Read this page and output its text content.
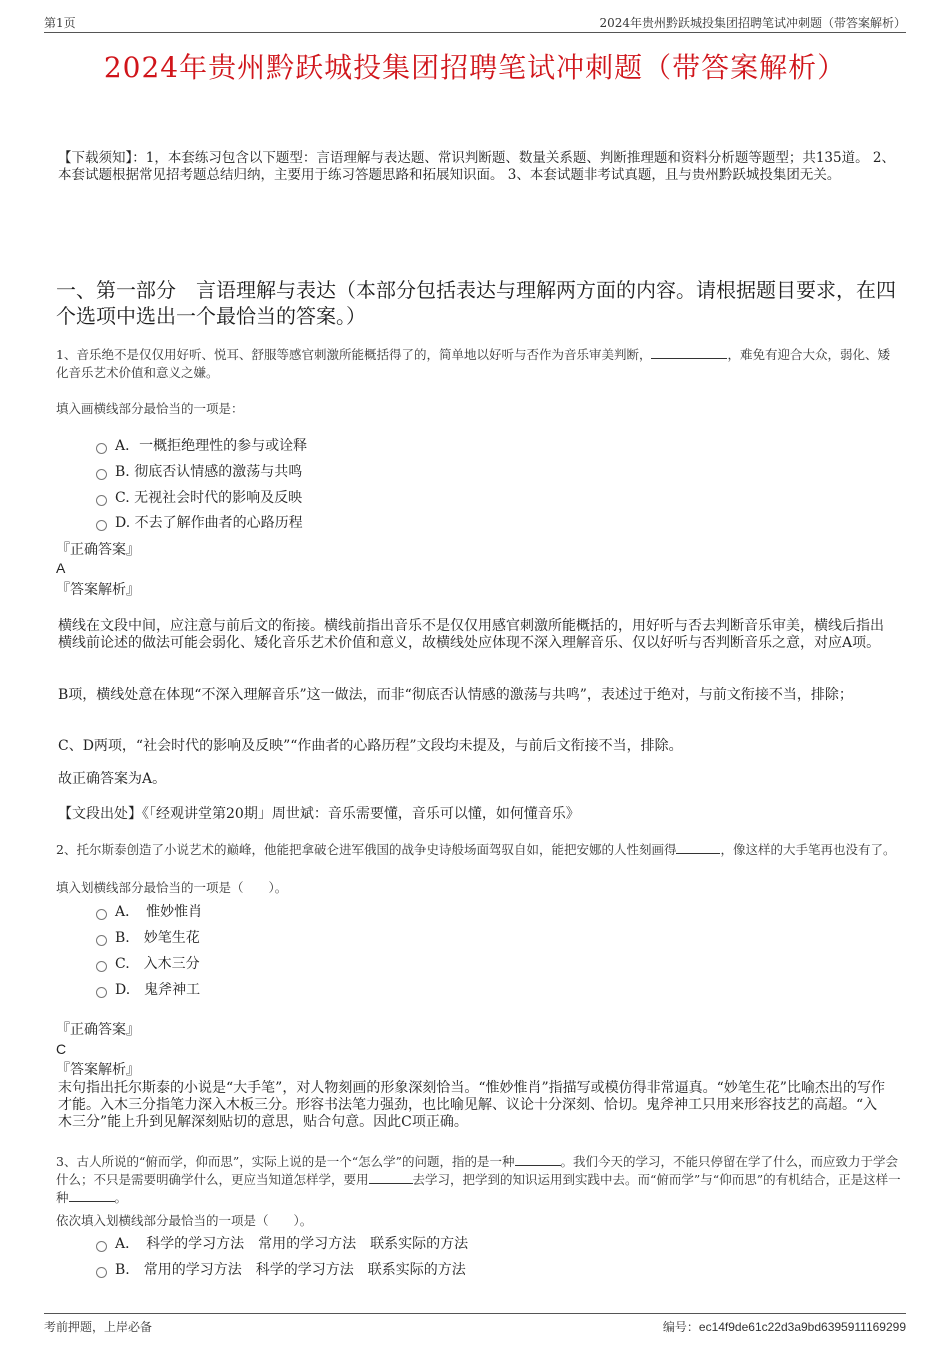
第1页	2024年贵州黔跃城投集团招聘笔试冲刺题（带答案解析）
2024年贵州黔跃城投集团招聘笔试冲刺题（带答案解析）
【下载须知】：1，本套练习包含以下题型：言语理解与表达题、常识判断题、数量关系题、判断推理题和资料分析题等题型；共135道。 2、本套试题根据常见招考题总结归纳，主要用于练习答题思路和拓展知识面。 3、本套试题非考试真题，且与贵州黔跃城投集团无关。
一、第一部分　言语理解与表达（本部分包括表达与理解两方面的内容。请根据题目要求，在四个选项中选出一个最恰当的答案。）
1、音乐绝不是仅仅用好听、悦耳、舒服等感官刺激所能概括得了的，简单地以好听与否作为音乐审美判断，	，难免有迎合大众，弱化、矮化音乐艺术价值和意义之嫌。
填入画横线部分最恰当的一项是：
A．一概拒绝理性的参与或诠释
B. 彻底否认情感的激荡与共鸣
C. 无视社会时代的影响及反映
D. 不去了解作曲者的心路历程
『正确答案』
A
『答案解析』
横线在文段中间，应注意与前后文的衔接。横线前指出音乐不是仅仅用感官刺激所能概括的，用好听与否去判断音乐审美，横线后指出横线前论述的做法可能会弱化、矮化音乐艺术价值和意义，故横线处应体现不深入理解音乐、仅以好听与否判断音乐之意，对应A项。
B项，横线处意在体现“不深入理解音乐”这一做法，而非“彻底否认情感的激荡与共鸣”，表述过于绝对，与前文衔接不当，排除；
C、D两项，“社会时代的影响及反映”“作曲者的心路历程”文段均未提及，与前后文衔接不当，排除。
故正确答案为A。
【文段出处】《「经观讲堂第20期」周世斌：音乐需要懂，音乐可以懂，如何懂音乐》
2、托尔斯泰创造了小说艺术的巅峰，他能把拿破仑进军俄国的战争史诗般场面驾驭自如，能把安娜的人性刻画得	，像这样的大手笔再也没有了。
填入划横线部分最恰当的一项是（　　）。
A．　惟妙惟肖
B.　妙笔生花
C.　入木三分
D.　鬼斧神工
『正确答案』
C
『答案解析』
末句指出托尔斯泰的小说是“大手笔”，对人物刻画的形象深刻恰当。“惟妙惟肖”指描写或模仿得非常逼真。“妙笔生花”比喻杰出的写作才能。入木三分指笔力深入木板三分。形容书法笔力强劲，也比喻见解、议论十分深刻、恰切。鬼斧神工只用来形容技艺的高超。“入木三分”能上升到见解深刻贴切的意思，贴合句意。因此C项正确。
3、古人所说的“俯而学，仰而思”，实际上说的是一个“怎么学”的问题，指的是一种	。我们今天的学习，不能只停留在学了什么，而应致力于学会什么；不只是需要明确学什么，更应当知道怎样学，要用	去学习，把学到的知识运用到实践中去。而“俯而学”与“仰而思”的有机结合，正是这样一种	。
依次填入划横线部分最恰当的一项是（　　）。
A．　科学的学习方法　常用的学习方法　联系实际的方法
B.　常用的学习方法　科学的学习方法　联系实际的方法
考前押题，上岸必备	编号：ec14f9de61c22d3a9bd6395911169299
